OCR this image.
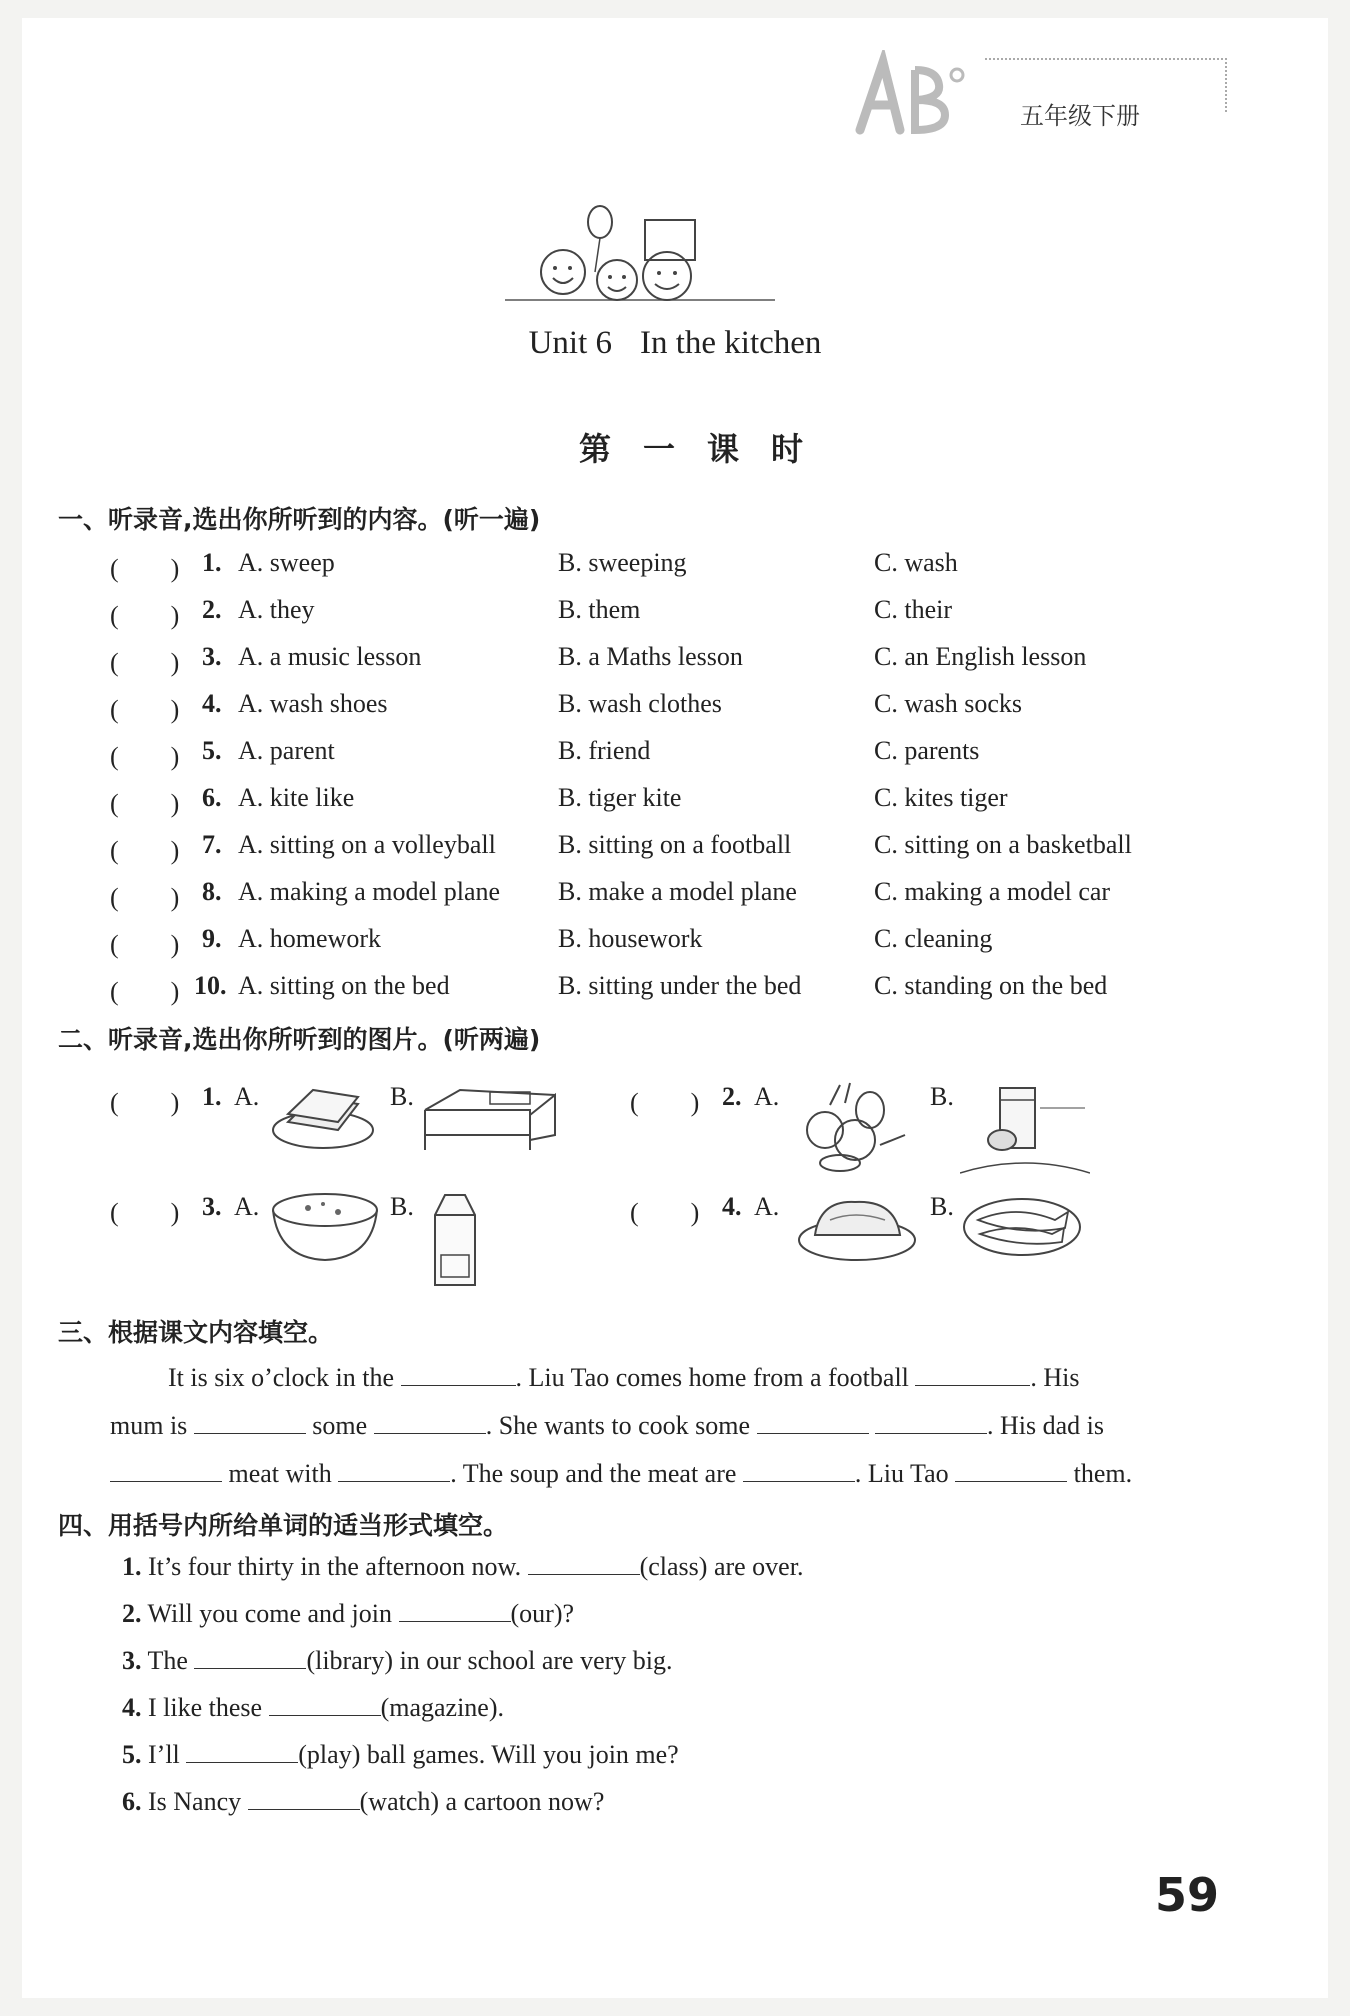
五年级下册
Unit 6 In the kitchen
第一课时
一、听录音,选出你所听到的内容。(听一遍)
(　　) 1. A. sweep	B. sweeping	C. wash
(　　) 2. A. they	B. them	C. their
(　　) 3. A. a music lesson	B. a Maths lesson	C. an English lesson
(　　) 4. A. wash shoes	B. wash clothes	C. wash socks
(　　) 5. A. parent	B. friend	C. parents
(　　) 6. A. kite like	B. tiger kite	C. kites tiger
(　　) 7. A. sitting on a volleyball B. sitting on a football	C. sitting on a basketball
(　　) 8. A. making a model plane B. make a model plane	C. making a model car
(　　) 9. A. homework	B. housework	C. cleaning
(　　) 10. A. sitting on the bed	B. sitting under the bed	C. standing on the bed
二、听录音,选出你所听到的图片。(听两遍)
(　　) 1. A.	B.	(　　) 2. A.	B.
(　　) 3. A.	B.	(　　) 4. A.	B.
三、根据课文内容填空。
It is six o’clock in the	. Liu Tao comes home from a football	. His
mum is	some	. She wants to cook some	. His dad is
meat with	. The soup and the meat are	. Liu Tao	them.
四、用括号内所给单词的适当形式填空。
1. It’s four thirty in the afternoon now.	(class) are over.
2. Will you come and join	(our)?
3. The	(library) in our school are very big.
4. I like these	(magazine).
5. I’ll	(play) ball games. Will you join me?
6. Is Nancy	(watch) a cartoon now?
59
